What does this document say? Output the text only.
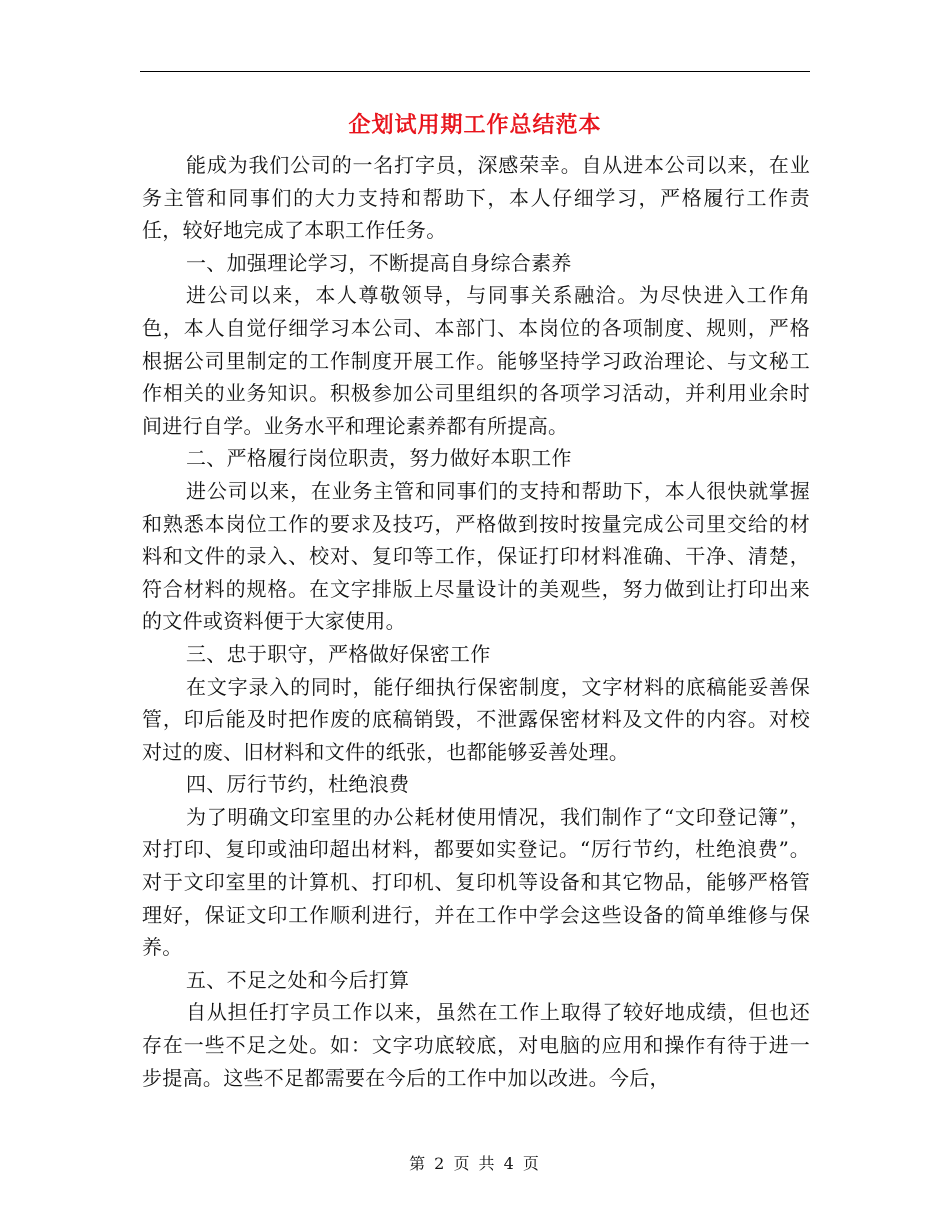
企划试用期工作总结范本

能成为我们公司的一名打字员，深感荣幸。自从进本公司以来，在业务主管和同事们的大力支持和帮助下，本人仔细学习，严格履行工作责任，较好地完成了本职工作任务。

一、加强理论学习，不断提高自身综合素养

进公司以来，本人尊敬领导，与同事关系融洽。为尽快进入工作角色，本人自觉仔细学习本公司、本部门、本岗位的各项制度、规则，严格根据公司里制定的工作制度开展工作。能够坚持学习政治理论、与文秘工作相关的业务知识。积极参加公司里组织的各项学习活动，并利用业余时间进行自学。业务水平和理论素养都有所提高。

二、严格履行岗位职责，努力做好本职工作

进公司以来，在业务主管和同事们的支持和帮助下，本人很快就掌握和熟悉本岗位工作的要求及技巧，严格做到按时按量完成公司里交给的材料和文件的录入、校对、复印等工作，保证打印材料准确、干净、清楚，符合材料的规格。在文字排版上尽量设计的美观些，努力做到让打印出来的文件或资料便于大家使用。

三、忠于职守，严格做好保密工作

在文字录入的同时，能仔细执行保密制度，文字材料的底稿能妥善保管，印后能及时把作废的底稿销毁，不泄露保密材料及文件的内容。对校对过的废、旧材料和文件的纸张，也都能够妥善处理。

四、厉行节约，杜绝浪费

为了明确文印室里的办公耗材使用情况，我们制作了“文印登记簿”，对打印、复印或油印超出材料，都要如实登记。“厉行节约，杜绝浪费”。对于文印室里的计算机、打印机、复印机等设备和其它物品，能够严格管理好，保证文印工作顺利进行，并在工作中学会这些设备的简单维修与保养。

五、不足之处和今后打算

自从担任打字员工作以来，虽然在工作上取得了较好地成绩，但也还存在一些不足之处。如：文字功底较底，对电脑的应用和操作有待于进一步提高。这些不足都需要在今后的工作中加以改进。今后，

第 2 页 共 4 页
